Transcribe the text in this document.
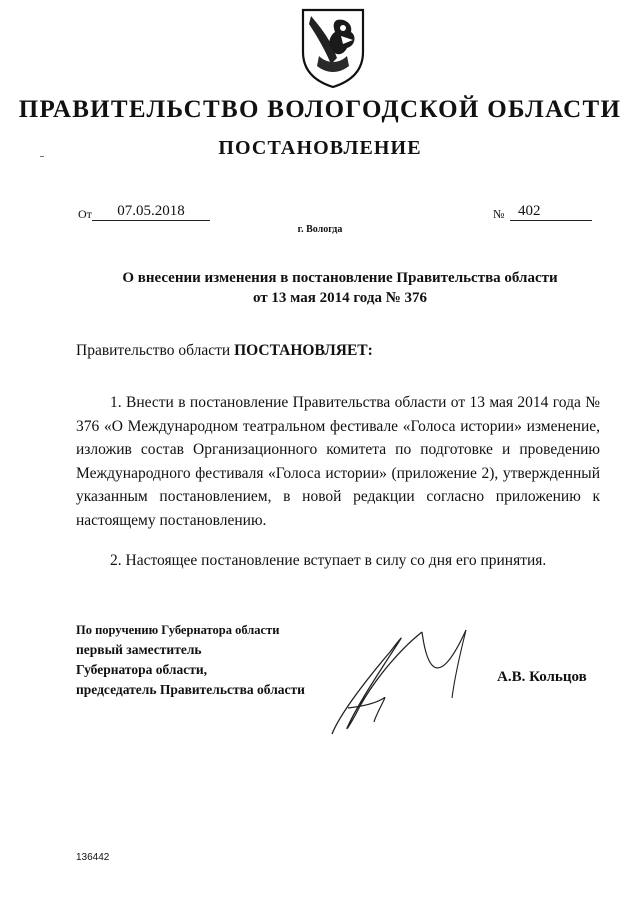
ПРАВИТЕЛЬСТВО ВОЛОГОДСКОЙ ОБЛАСТИ
ПОСТАНОВЛЕНИЕ
От	07.05.2018	№ 402
г. Вологда
О внесении изменения в постановление Правительства области
от 13 мая 2014 года № 376
Правительство области ПОСТАНОВЛЯЕТ:
1. Внести в постановление Правительства области от 13 мая 2014 года № 376 «О Международном театральном фестивале «Голоса истории» изменение, изложив состав Организационного комитета по подготовке и проведению Международного фестиваля «Голоса истории» (приложение 2), утвержденный указанным постановлением, в новой редакции согласно приложению к настоящему постановлению.
2. Настоящее постановление вступает в силу со дня его принятия.
По поручению Губернатора области
первый заместитель
Губернатора области,
председатель Правительства области
А.В. Кольцов
136442
